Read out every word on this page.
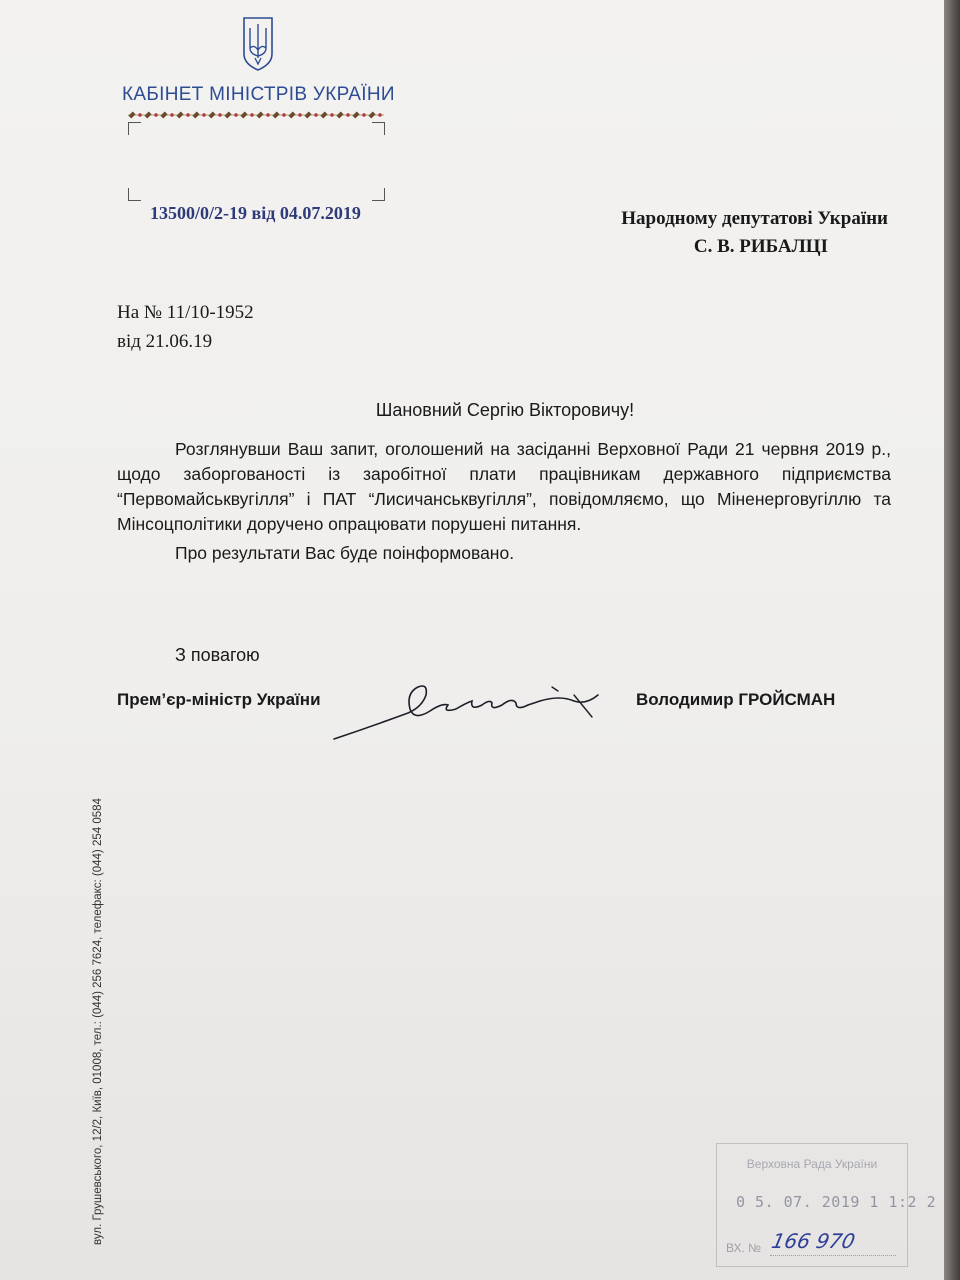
КАБІНЕТ МІНІСТРІВ УКРАЇНИ
13500/0/2-19 від 04.07.2019	Народному депутатові України

С. В. РИБАЛЦІ
На № 11/10-1952
від 21.06.19
Шановний Сергію Вікторовичу!

Розглянувши Ваш запит, оголошений на засіданні Верховної Ради 21 червня 2019 р., щодо заборгованості із заробітної плати працівникам державного підприємства “Первомайськвугілля” і ПАТ “Лисичанськвугілля”, повідомляємо, що Міненерговугіллю та Мінсоцполітики доручено опрацювати порушені питання.

Про результати Вас буде поінформовано.

З повагою
Прем’єр-міністр України	Володимир ГРОЙСМАН
вул. Грушевського, 12/2, Київ, 01008, тел.: (044) 256 7624, телефакс: (044) 254 0584	Верховна Рада України
0 5. 07. 2019 1 1:2 2
ВХ. № 166 970
